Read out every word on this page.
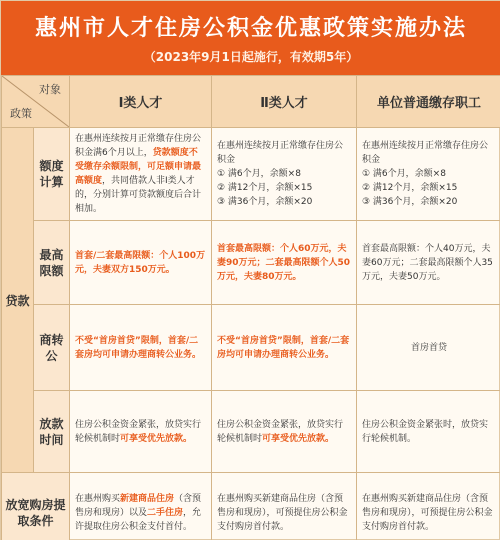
惠州市人才住房公积金优惠政策实施办法
（2023年9月1日起施行，有效期5年）
对象
政策		Ⅰ类人才	Ⅱ类人才	单位普通缴存职工
贷款	额度计算	在惠州连续按月正常缴存住房公积金满6个月以上，贷款额度不受缴存余额限制，可足额申请最高额度，共同借款人非Ⅰ类人才的，分别计算可贷款额度后合计相加。	在惠州连续按月正常缴存住房公积金
① 满6个月，余额×8
② 满12个月，余额×15
③ 满36个月，余额×20	在惠州连续按月正常缴存住房公积金
① 满6个月，余额×8
② 满12个月，余额×15
③ 满36个月，余额×20

	最高限额	首套/二套最高限额：个人100万元，夫妻双方150万元。	首套最高限额：个人60万元，夫妻90万元；二套最高限额个人50万元，夫妻80万元。	首套最高限额：个人40万元，夫妻60万元；二套最高限额个人35万元，夫妻50万元。
	商转公	不受“首房首贷”限制，首套/二套房均可申请办理商转公业务。	不受“首房首贷”限制，首套/二套房均可申请办理商转公业务。	首房首贷
	放款时间	住房公积金资金紧张，放贷实行轮候机制时可享受优先放款。	住房公积金资金紧张，放贷实行轮候机制时可享受优先放款。	住房公积金资金紧张时，放贷实行轮候机制。
放宽购房提取条件		在惠州购买新建商品住房（含预售房和现房）以及二手住房，允许提取住房公积金支付首付。	在惠州购买新建商品住房（含预售房和现房），可预提住房公积金支付购房首付款。	在惠州购买新建商品住房（含预售房和现房），可预提住房公积金支付购房首付款。
